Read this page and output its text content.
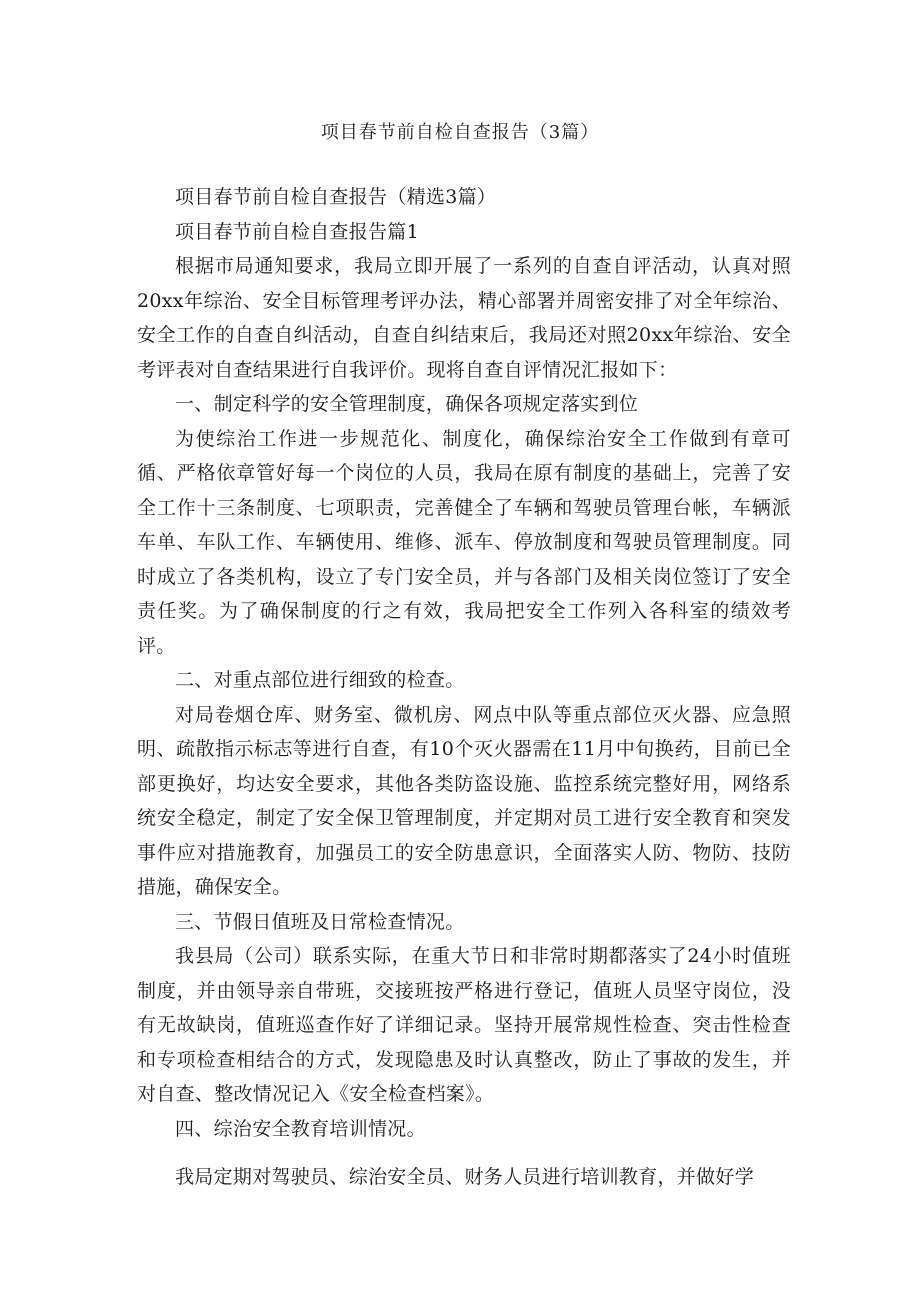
项目春节前自检自查报告（3篇）

项目春节前自检自查报告（精选3篇）

项目春节前自检自查报告篇1

根据市局通知要求，我局立即开展了一系列的自查自评活动，认真对照20xx年综治、安全目标管理考评办法，精心部署并周密安排了对全年综治、安全工作的自查自纠活动，自查自纠结束后，我局还对照20xx年综治、安全考评表对自查结果进行自我评价。现将自查自评情况汇报如下：

一、制定科学的安全管理制度，确保各项规定落实到位

为使综治工作进一步规范化、制度化，确保综治安全工作做到有章可循、严格依章管好每一个岗位的人员，我局在原有制度的基础上，完善了安全工作十三条制度、七项职责，完善健全了车辆和驾驶员管理台帐，车辆派车单、车队工作、车辆使用、维修、派车、停放制度和驾驶员管理制度。同时成立了各类机构，设立了专门安全员，并与各部门及相关岗位签订了安全责任奖。为了确保制度的行之有效，我局把安全工作列入各科室的绩效考评。

二、对重点部位进行细致的检查。

对局卷烟仓库、财务室、微机房、网点中队等重点部位灭火器、应急照明、疏散指示标志等进行自查，有10个灭火器需在11月中旬换药，目前已全部更换好，均达安全要求，其他各类防盗设施、监控系统完整好用，网络系统安全稳定，制定了安全保卫管理制度，并定期对员工进行安全教育和突发事件应对措施教育，加强员工的安全防患意识，全面落实人防、物防、技防措施，确保安全。

三、节假日值班及日常检查情况。

我县局（公司）联系实际，在重大节日和非常时期都落实了24小时值班制度，并由领导亲自带班，交接班按严格进行登记，值班人员坚守岗位，没有无故缺岗，值班巡查作好了详细记录。坚持开展常规性检查、突击性检查和专项检查相结合的方式，发现隐患及时认真整改，防止了事故的发生，并对自查、整改情况记入《安全检查档案》。

四、综治安全教育培训情况。

我局定期对驾驶员、综治安全员、财务人员进行培训教育，并做好学
